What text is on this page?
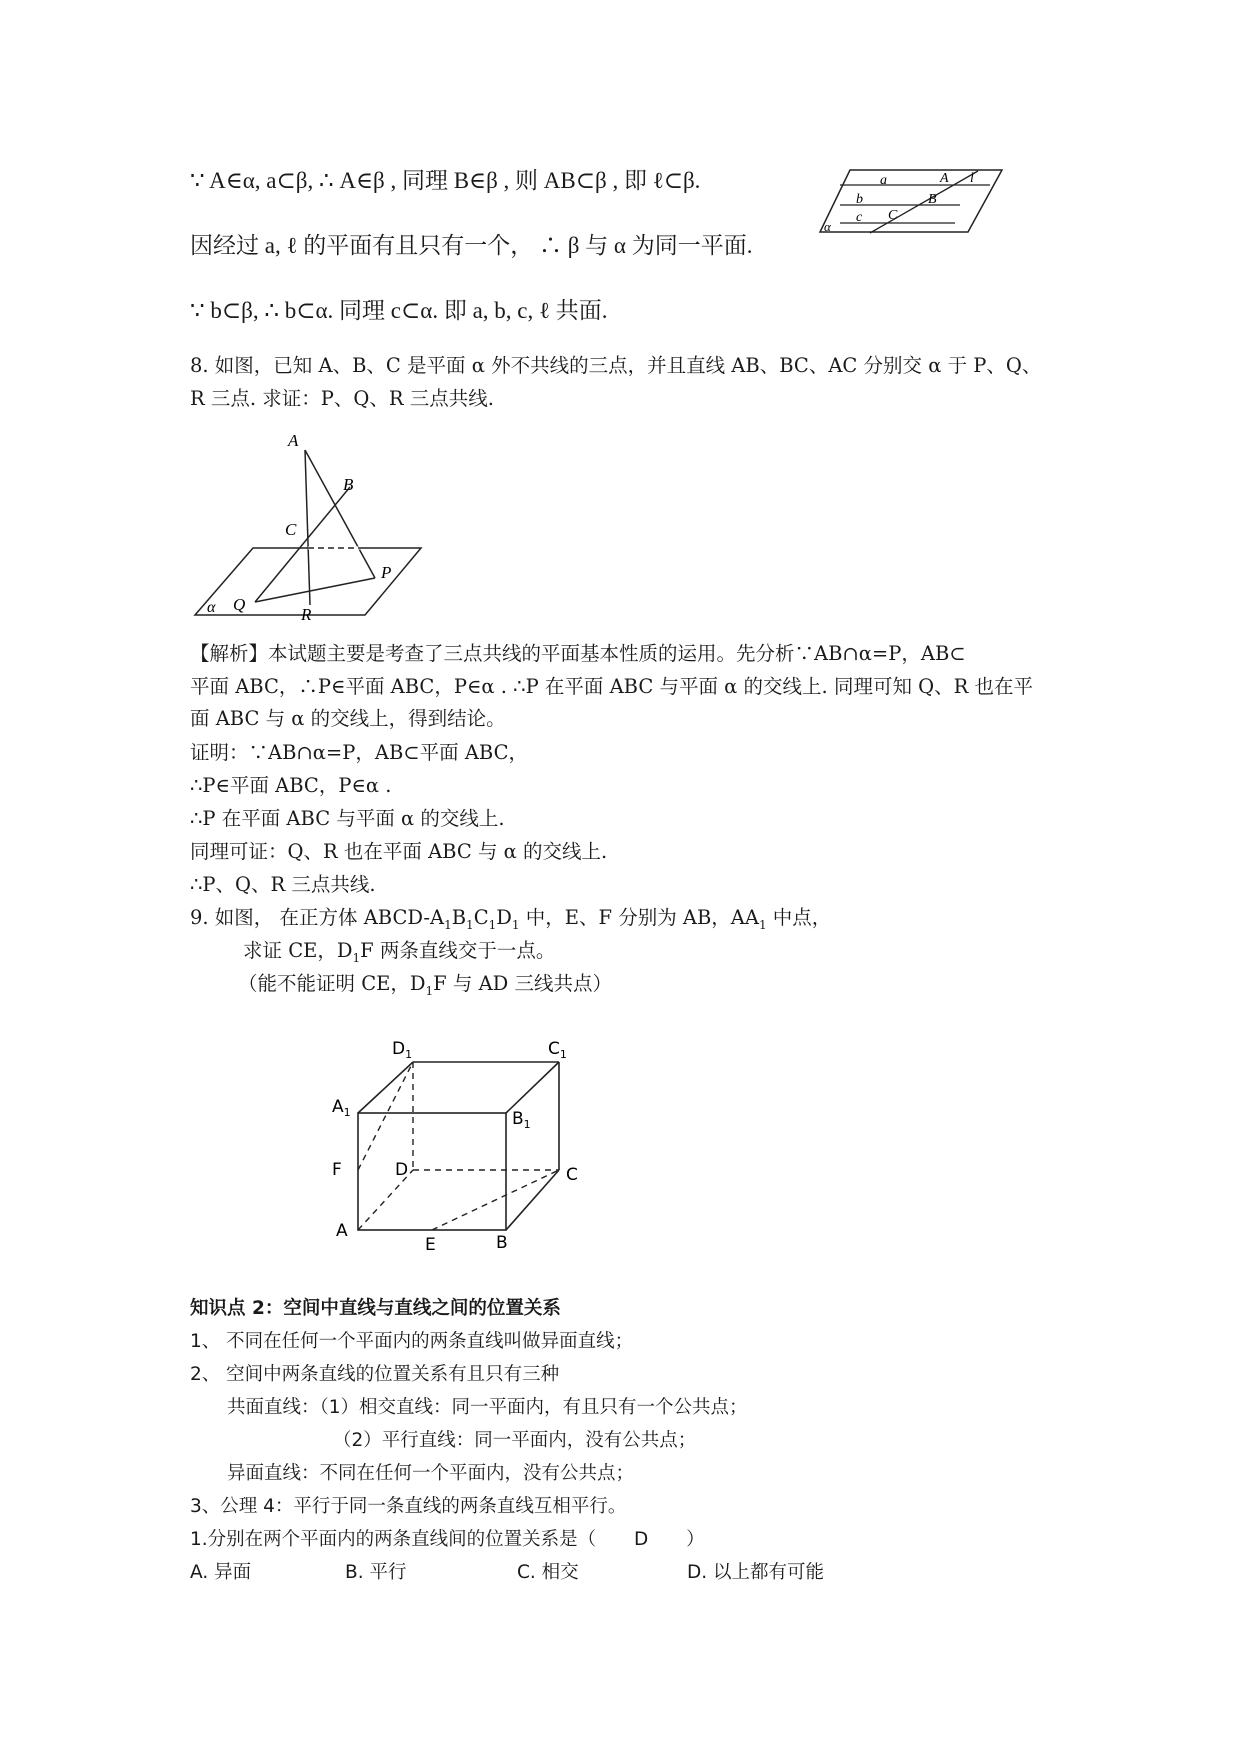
∵ A∈α, a⊂β, ∴ A∈β , 同理 B∈β , 则 AB⊂β , 即 ℓ⊂β.
因经过 a, ℓ 的平面有且只有一个， ∴ β 与 α 为同一平面.
∵ b⊂β, ∴ b⊂α. 同理 c⊂α. 即 a, b, c, ℓ 共面.
a	A l
b	B
C
c
α
8. 如图，已知 A、B、C 是平面 α 外不共线的三点，并且直线 AB、BC、AC 分别交 α 于 P、Q、
R 三点. 求证：P、Q、R 三点共线.
A
B
C
P
Q
R
α
【解析】本试题主要是考查了三点共线的平面基本性质的运用。先分析∵AB∩α=P，AB⊂
平面 ABC，∴P∈平面 ABC，P∈α . ∴P 在平面 ABC 与平面 α 的交线上. 同理可知 Q、R 也在平
面 ABC 与 α 的交线上，得到结论。
证明：∵AB∩α=P，AB⊂平面 ABC，
∴P∈平面 ABC，P∈α .
∴P 在平面 ABC 与平面 α 的交线上.
同理可证：Q、R 也在平面 ABC 与 α 的交线上.
∴P、Q、R 三点共线.
9. 如图， 在正方体 ABCD-$A_1B_1C_1D_1$ 中，E、F 分别为 AB，$AA_1$ 中点，
求证 CE，$D_1F$ 两条直线交于一点。
（能不能证明 CE，$D_1F$ 与 AD 三线共点）
$D_1$	$C_1$
$A_1$	$B_1$
F	D	C
A
E	B
知识点 2：空间中直线与直线之间的位置关系
1、 不同在任何一个平面内的两条直线叫做异面直线；
2、 空间中两条直线的位置关系有且只有三种
共面直线：（1）相交直线：同一平面内，有且只有一个公共点；
（2）平行直线：同一平面内，没有公共点；
异面直线：不同在任何一个平面内，没有公共点；
3、公理 4：平行于同一条直线的两条直线互相平行。
1.分别在两个平面内的两条直线间的位置关系是（ D ）
A. 异面	B. 平行	C. 相交	D. 以上都有可能
